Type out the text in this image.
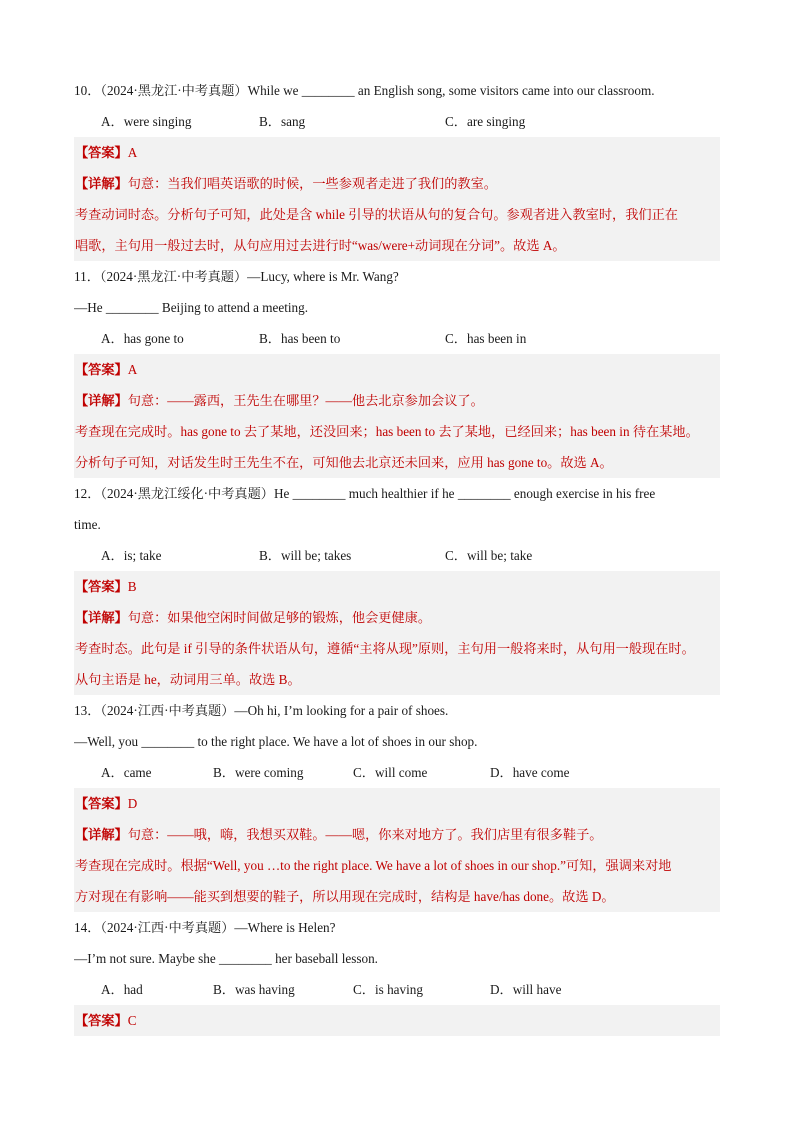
10．（2024·黑龙江·中考真题）While we ________ an English song, some visitors came into our classroom.
A．were singing	B．sang	C．are singing
【答案】A
【详解】句意：当我们唱英语歌的时候，一些参观者走进了我们的教室。
考查动词时态。分析句子可知，此处是含 while 引导的状语从句的复合句。参观者进入教室时，我们正在
唱歌，主句用一般过去时，从句应用过去进行时“was/were+动词现在分词”。故选 A。
11．（2024·黑龙江·中考真题）—Lucy, where is Mr. Wang?
—He ________ Beijing to attend a meeting.
A．has gone to	B．has been to	C．has been in
【答案】A
【详解】句意：——露西，王先生在哪里？——他去北京参加会议了。
考查现在完成时。has gone to 去了某地，还没回来；has been to 去了某地，已经回来；has been in 待在某地。
分析句子可知，对话发生时王先生不在，可知他去北京还未回来，应用 has gone to。故选 A。
12．（2024·黑龙江绥化·中考真题）He ________ much healthier if he ________ enough exercise in his free
time.
A．is; take	B．will be; takes	C．will be; take
【答案】B
【详解】句意：如果他空闲时间做足够的锻炼，他会更健康。
考查时态。此句是 if 引导的条件状语从句，遵循“主将从现”原则，主句用一般将来时，从句用一般现在时。
从句主语是 he，动词用三单。故选 B。
13．（2024·江西·中考真题）—Oh hi, I’m looking for a pair of shoes.
—Well, you ________ to the right place. We have a lot of shoes in our shop.
A．came	B．were coming	C．will come	D．have come
【答案】D
【详解】句意：——哦，嗨，我想买双鞋。——嗯，你来对地方了。我们店里有很多鞋子。
考查现在完成时。根据“Well, you …to the right place. We have a lot of shoes in our shop.”可知，强调来对地
方对现在有影响——能买到想要的鞋子，所以用现在完成时，结构是 have/has done。故选 D。
14．（2024·江西·中考真题）—Where is Helen?
—I’m not sure. Maybe she ________ her baseball lesson.
A．had	B．was having	C．is having	D．will have
【答案】C
